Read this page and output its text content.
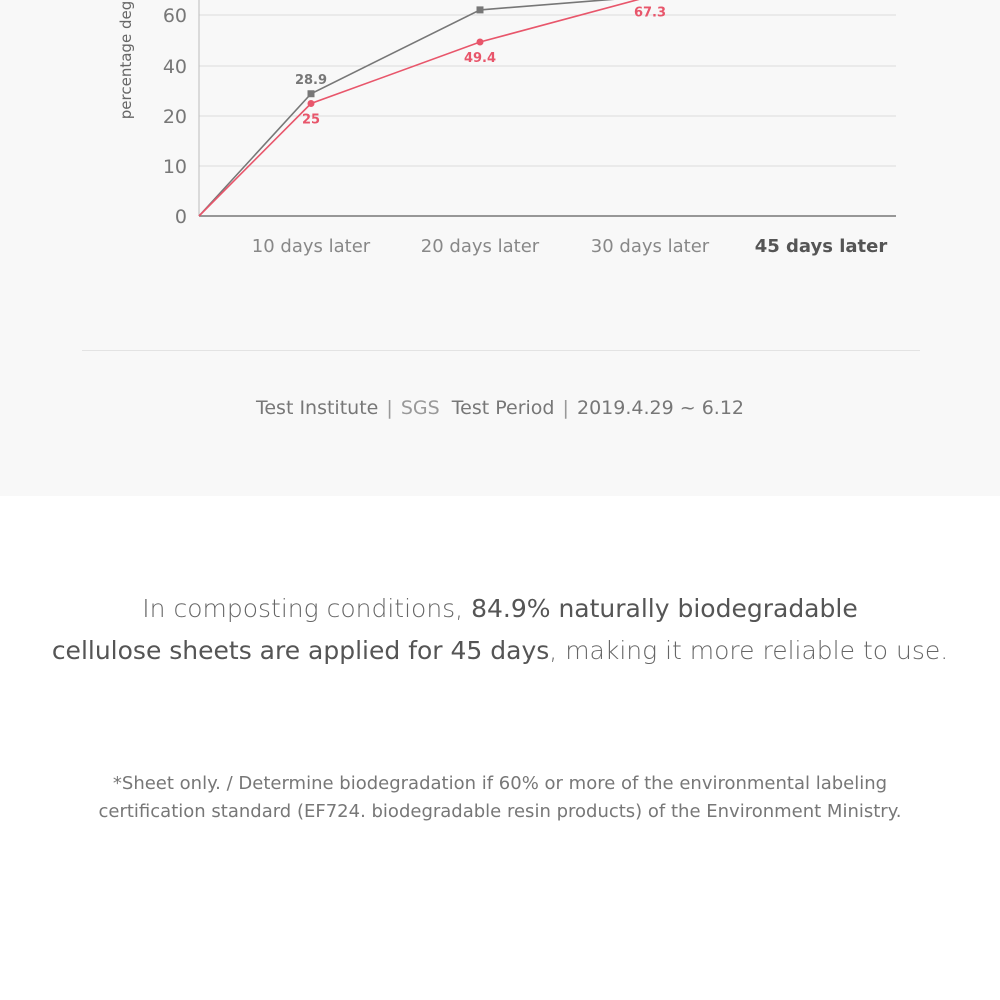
0
10
20
40
60
10 days later	20 days later	30 days later	45 days later
28.9
25
49.4
67.3
percentage deg
Test Institute | SGS Test Period | 2019.4.29 ~ 6.12
In composting conditions, 84.9% naturally biodegradable
cellulose sheets are applied for 45 days, making it more reliable to use.
*Sheet only. / Determine biodegradation if 60% or more of the environmental labeling
certification standard (EF724. biodegradable resin products) of the Environment Ministry.
